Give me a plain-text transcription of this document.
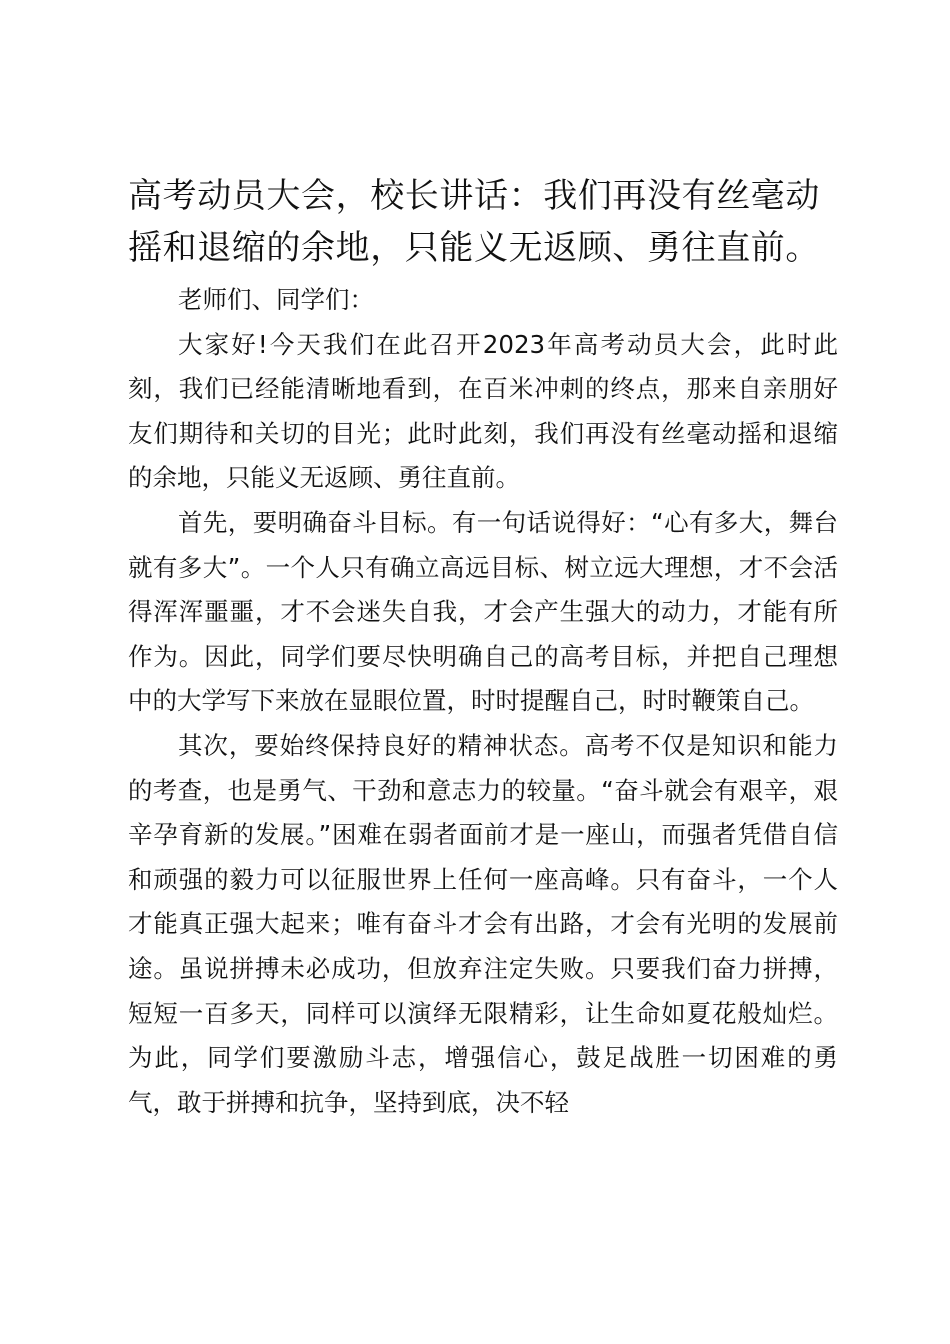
高考动员大会，校长讲话：我们再没有丝毫动摇和退缩的余地，只能义无返顾、勇往直前。

老师们、同学们：

大家好!今天我们在此召开2023年高考动员大会，此时此刻，我们已经能清晰地看到，在百米冲刺的终点，那来自亲朋好友们期待和关切的目光；此时此刻，我们再没有丝毫动摇和退缩的余地，只能义无返顾、勇往直前。

首先，要明确奋斗目标。有一句话说得好：“心有多大，舞台就有多大”。一个人只有确立高远目标、树立远大理想，才不会活得浑浑噩噩，才不会迷失自我，才会产生强大的动力，才能有所作为。因此，同学们要尽快明确自己的高考目标，并把自己理想中的大学写下来放在显眼位置，时时提醒自己，时时鞭策自己。

其次，要始终保持良好的精神状态。高考不仅是知识和能力的考查，也是勇气、干劲和意志力的较量。“奋斗就会有艰辛，艰辛孕育新的发展。”困难在弱者面前才是一座山，而强者凭借自信和顽强的毅力可以征服世界上任何一座高峰。只有奋斗，一个人才能真正强大起来；唯有奋斗才会有出路，才会有光明的发展前途。虽说拼搏未必成功，但放弃注定失败。只要我们奋力拼搏，短短一百多天，同样可以演绎无限精彩，让生命如夏花般灿烂。为此，同学们要激励斗志，增强信心，鼓足战胜一切困难的勇气，敢于拼搏和抗争，坚持到底，决不轻
